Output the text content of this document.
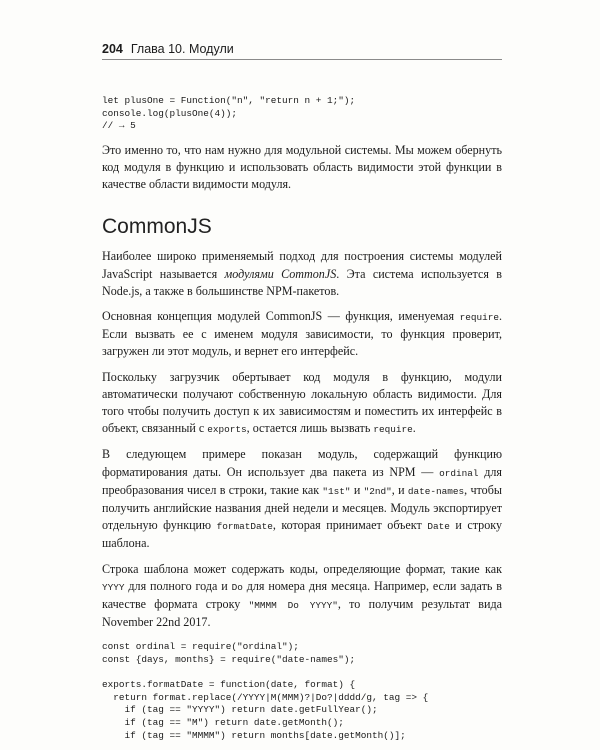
204 Глава 10. Модули
let plusOne = Function("n", "return n + 1;");
console.log(plusOne(4));
// → 5

Это именно то, что нам нужно для модульной системы. Мы можем обернуть код модуля в функцию и использовать область видимости этой функции в качестве области видимости модуля.

CommonJS

Наиболее широко применяемый подход для построения системы модулей JavaScript называется модулями CommonJS. Эта система используется в Node.js, а также в большинстве NPM-пакетов.

Основная концепция модулей CommonJS — функция, именуемая require. Если вызвать ее с именем модуля зависимости, то функция проверит, загружен ли этот модуль, и вернет его интерфейс.

Поскольку загрузчик обертывает код модуля в функцию, модули автоматически получают собственную локальную область видимости. Для того чтобы получить доступ к их зависимостям и поместить их интерфейс в объект, связанный с exports, остается лишь вызвать require.

В следующем примере показан модуль, содержащий функцию форматирования даты. Он использует два пакета из NPM — ordinal для преобразования чисел в строки, такие как "1st" и "2nd", и date-names, чтобы получить английские названия дней недели и месяцев. Модуль экспортирует отдельную функцию formatDate, которая принимает объект Date и строку шаблона.

Строка шаблона может содержать коды, определяющие формат, такие как YYYY для полного года и Do для номера дня месяца. Например, если задать в качестве формата строку "MMMM Do YYYY", то получим результат вида November 22nd 2017.

const ordinal = require("ordinal");
const {days, months} = require("date-names");

exports.formatDate = function(date, format) {
return format.replace(/YYYY|M(MMM)?|Do?|dddd/g, tag => {
if (tag == "YYYY") return date.getFullYear();
if (tag == "M") return date.getMonth();
if (tag == "MMMM") return months[date.getMonth()];
